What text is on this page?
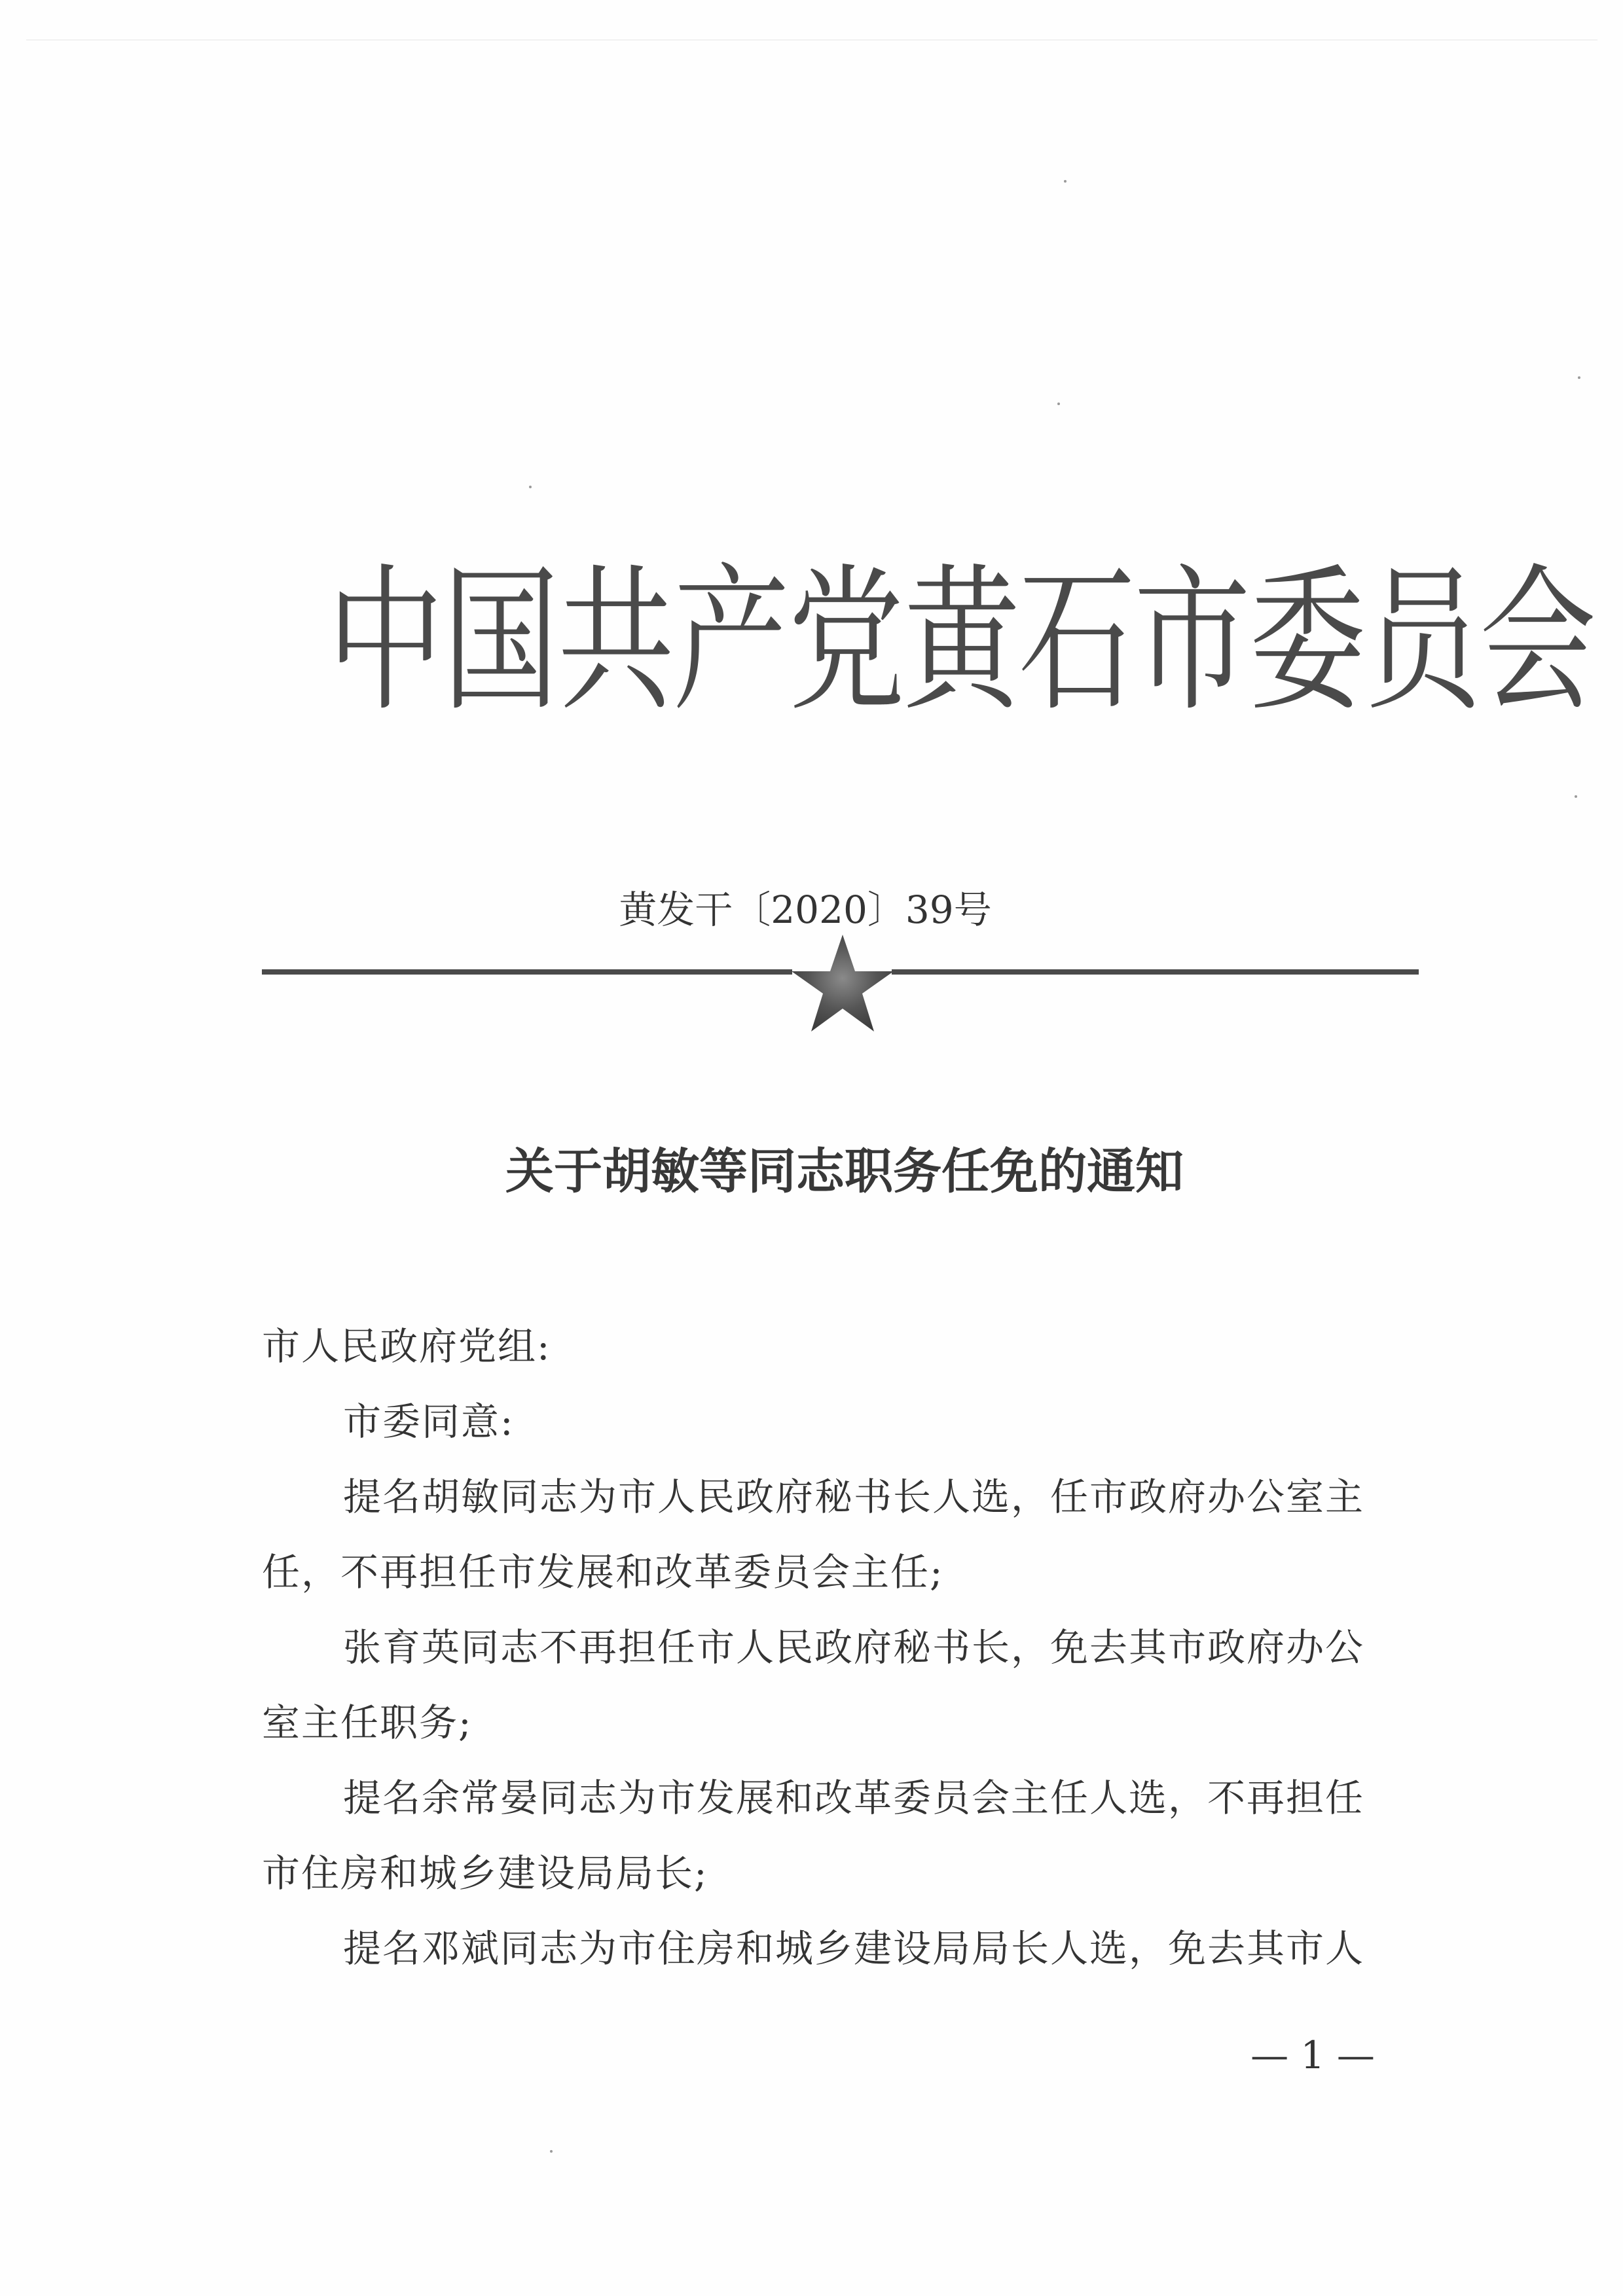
中国共产党黄石市委员会
黄发干〔2020〕39号
关于胡敏等同志职务任免的通知
市人民政府党组:
市委同意:
提名胡敏同志为市人民政府秘书长人选，任市政府办公室主
任，不再担任市发展和改革委员会主任;
张育英同志不再担任市人民政府秘书长，免去其市政府办公
室主任职务;
提名余常晏同志为市发展和改革委员会主任人选，不再担任
市住房和城乡建设局局长;
提名邓斌同志为市住房和城乡建设局局长人选，免去其市人
— 1 —
